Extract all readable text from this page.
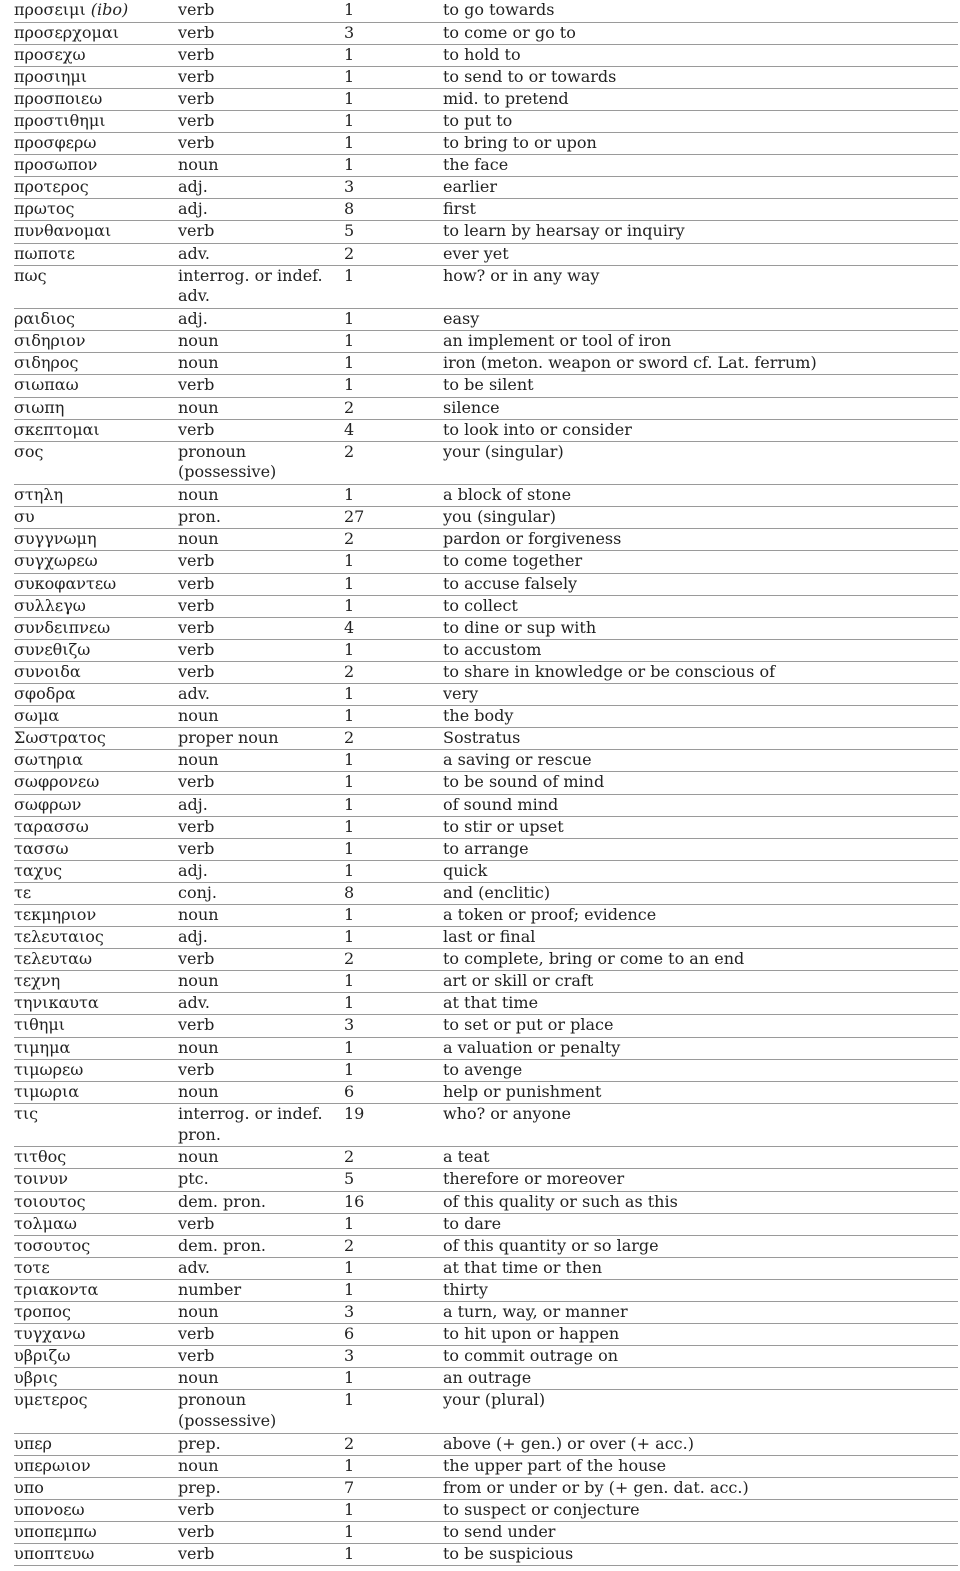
προσειμι (ibo)	verb	1	to go towards
προσερχομαι	verb	3	to come or go to
προσεχω	verb	1	to hold to
προσιημι	verb	1	to send to or towards
προσποιεω	verb	1	mid. to pretend
προστιθημι	verb	1	to put to
προσφερω	verb	1	to bring to or upon
προσωπον	noun	1	the face
προτερος	adj.	3	earlier
πρωτος	adj.	8	first
πυνθανομαι	verb	5	to learn by hearsay or inquiry
πωποτε	adv.	2	ever yet
πως	interrog. or indef. adv.	1	how? or in any way
ραιδιος	adj.	1	easy
σιδηριον	noun	1	an implement or tool of iron
σιδηρος	noun	1	iron (meton. weapon or sword cf. Lat. ferrum)
σιωπαω	verb	1	to be silent
σιωπη	noun	2	silence
σκεπτομαι	verb	4	to look into or consider
σος	pronoun (possessive)	2	your (singular)
στηλη	noun	1	a block of stone
συ	pron.	27	you (singular)
συγγνωμη	noun	2	pardon or forgiveness
συγχωρεω	verb	1	to come together
συκοφαντεω	verb	1	to accuse falsely
συλλεγω	verb	1	to collect
συνδειπνεω	verb	4	to dine or sup with
συνεθιζω	verb	1	to accustom
συνοιδα	verb	2	to share in knowledge or be conscious of
σφοδρα	adv.	1	very
σωμα	noun	1	the body
Σωστρατος	proper noun	2	Sostratus
σωτηρια	noun	1	a saving or rescue
σωφρονεω	verb	1	to be sound of mind
σωφρων	adj.	1	of sound mind
ταρασσω	verb	1	to stir or upset
τασσω	verb	1	to arrange
ταχυς	adj.	1	quick
τε	conj.	8	and (enclitic)
τεκμηριον	noun	1	a token or proof; evidence
τελευταιος	adj.	1	last or final
τελευταω	verb	2	to complete, bring or come to an end
τεχνη	noun	1	art or skill or craft
τηνικαυτα	adv.	1	at that time
τιθημι	verb	3	to set or put or place
τιμημα	noun	1	a valuation or penalty
τιμωρεω	verb	1	to avenge
τιμωρια	noun	6	help or punishment
τις	interrog. or indef. pron.	19	who? or anyone
τιτθος	noun	2	a teat
τοινυν	ptc.	5	therefore or moreover
τοιουτος	dem. pron.	16	of this quality or such as this
τολμαω	verb	1	to dare
τοσουτος	dem. pron.	2	of this quantity or so large
τοτε	adv.	1	at that time or then
τριακοντα	number	1	thirty
τροπος	noun	3	a turn, way, or manner
τυγχανω	verb	6	to hit upon or happen
υβριζω	verb	3	to commit outrage on
υβρις	noun	1	an outrage
υμετερος	pronoun (possessive)	1	your (plural)
υπερ	prep.	2	above (+ gen.) or over (+ acc.)
υπερωιον	noun	1	the upper part of the house
υπο	prep.	7	from or under or by (+ gen. dat. acc.)
υπονοεω	verb	1	to suspect or conjecture
υποπεμπω	verb	1	to send under
υποπτευω	verb	1	to be suspicious
